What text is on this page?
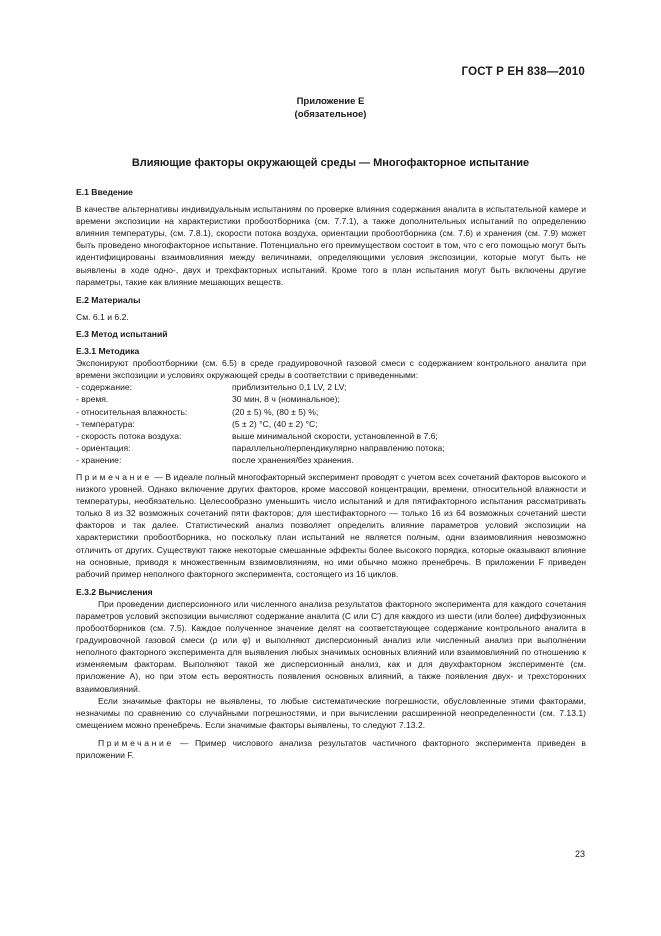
ГОСТ Р ЕН 838—2010
Приложение Е
(обязательное)
Влияющие факторы окружающей среды — Многофакторное испытание

Е.1 Введение

В качестве альтернативы индивидуальным испытаниям по проверке влияния содержания аналита в испытательной камере и времени экспозиции на характеристики пробоотборника (см. 7.7.1), а также дополнительных испытаний по определению влияния температуры, (см. 7.8.1), скорости потока воздуха, ориентации пробоотборника (см. 7.6) и хранения (см. 7.9) может быть проведено многофакторное испытание. Потенциально его преимуществом состоит в том, что с его помощью могут быть идентифицированы взаимовлияния между величинами, определяющими условия экспозиции, которые могут быть не выявлены в ходе одно-, двух и трехфакторных испытаний. Кроме того в план испытания могут быть включены другие параметры, такие как влияние мешающих веществ.

Е.2 Материалы

См. 6.1 и 6.2.

Е.3 Метод испытаний

Е.3.1 Методика

Экспонируют пробоотборники (см. 6.5) в среде градуировочной газовой смеси с содержанием контрольного аналита при времени экспозиции и условиях окружающей среды в соответствии с приведенными:

- содержание:	приблизительно 0,1 LV, 2 LV;
- время.	30 мин, 8 ч (номинальное);
- относительная влажность:	(20 ± 5) %, (80 ± 5) %;
- температура:	(5 ± 2) °С, (40 ± 2) °С;
- скорость потока воздуха:	выше минимальной скорости, установленной в 7.6;
- ориентация:	параллельно/перпендикулярно направлению потока;
- хранение:	после хранения/без хранения.

Примечание — В идеале полный многофакторный эксперимент проводят с учетом всех сочетаний факторов высокого и низкого уровней. Однако включение других факторов, кроме массовой концентрации, времени, относительной влажности и температуры, необязательно. Целесообразно уменьшить число испытаний и для пятифакторного испытания рассматривать только 8 из 32 возможных сочетаний пяти факторов; для шестифакторного — только 16 из 64 возможных сочетаний шести факторов и так далее. Статистический анализ позволяет определить влияние параметров условий экспозиции на характеристики пробоотборника, но поскольку план испытаний не является полным, одни взаимовлияния невозможно отличить от других. Существуют также некоторые смешанные эффекты более высокого порядка, которые оказывают влияние на основные, приводя к множественным взаимовлияниям, но ими обычно можно пренебречь. В приложении F приведен рабочий пример неполного факторного эксперимента, состоящего из 16 циклов.

Е.3.2 Вычисления

При проведении дисперсионного или численного анализа результатов факторного эксперимента для каждого сочетания параметров условий экспозиции вычисляют содержание аналита (С или С′) для каждого из шести (или более) диффузионных пробоотборников (см. 7.5). Каждое полученное значение делят на соответствующее содержание контрольного аналита в градуировочной газовой смеси (ρ или φ) и выполняют дисперсионный анализ или численный анализ при выполнении неполного факторного эксперимента для выявления любых значимых основных влияний или взаимовлияний по отношению к изменяемым факторам. Выполняют такой же дисперсионный анализ, как и для двухфакторном эксперименте (см. приложение А), но при этом есть вероятность появления основных влияний, а также появления двух- и трехсторонних взаимовлияний.

Если значимые факторы не выявлены, то любые систематические погрешности, обусловленные этими факторами, незначимы по сравнению со случайными погрешностями, и при вычислении расширенной неопределенности (см. 7.13.1) смещением можно пренебречь. Если значимые факторы выявлены, то следуют 7.13.2.

Примечание — Пример числового анализа результатов частичного факторного эксперимента приведен в приложении F.

23
